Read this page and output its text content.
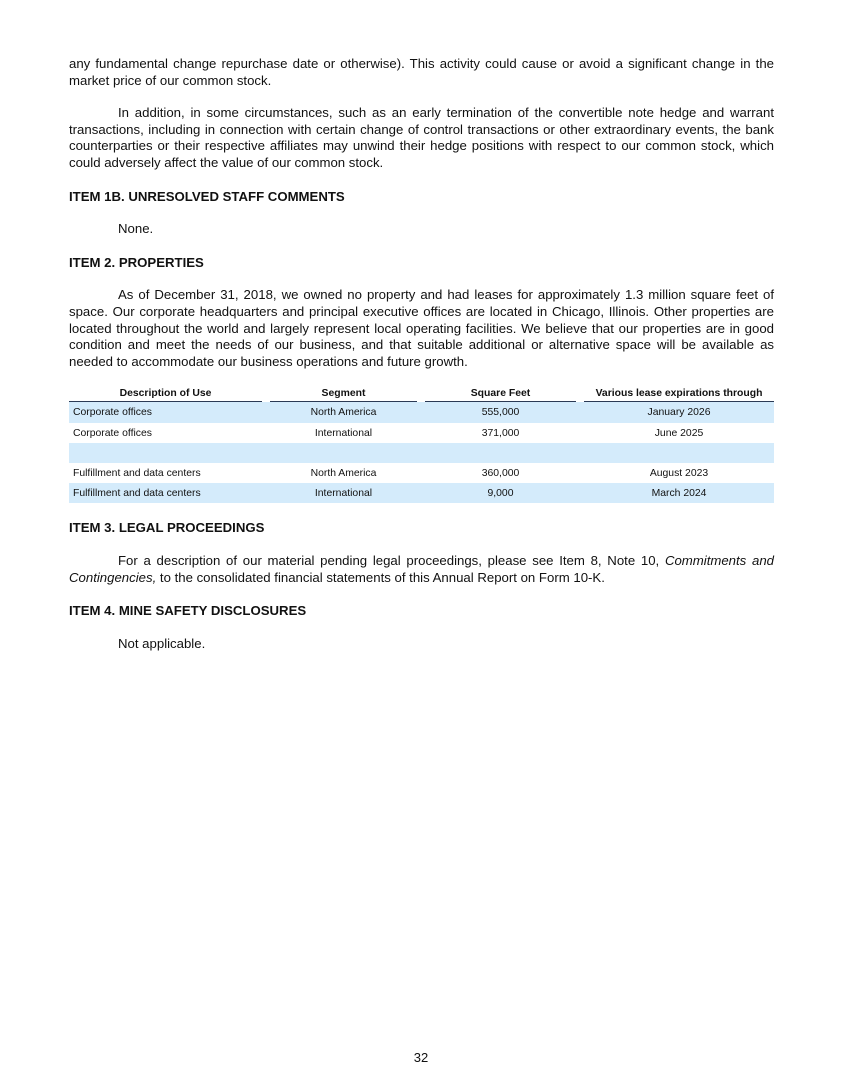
any fundamental change repurchase date or otherwise). This activity could cause or avoid a significant change in the market price of our common stock.

In addition, in some circumstances, such as an early termination of the convertible note hedge and warrant transactions, including in connection with certain change of control transactions or other extraordinary events, the bank counterparties or their respective affiliates may unwind their hedge positions with respect to our common stock, which could adversely affect the value of our common stock.

ITEM 1B. UNRESOLVED STAFF COMMENTS

None.

ITEM 2. PROPERTIES

As of December 31, 2018, we owned no property and had leases for approximately 1.3 million square feet of space. Our corporate headquarters and principal executive offices are located in Chicago, Illinois. Other properties are located throughout the world and largely represent local operating facilities. We believe that our properties are in good condition and meet the needs of our business, and that suitable additional or alternative space will be available as needed to accommodate our business operations and future growth.

Description of Use		Segment		Square Feet		Various lease expirations through
Corporate offices		North America		555,000		January 2026
Corporate offices		International		371,000		June 2025

Fulfillment and data centers		North America		360,000		August 2023
Fulfillment and data centers		International		9,000		March 2024
ITEM 3. LEGAL PROCEEDINGS

For a description of our material pending legal proceedings, please see Item 8, Note 10, Commitments and Contingencies, to the consolidated financial statements of this Annual Report on Form 10-K.

ITEM 4. MINE SAFETY DISCLOSURES

Not applicable.

32
